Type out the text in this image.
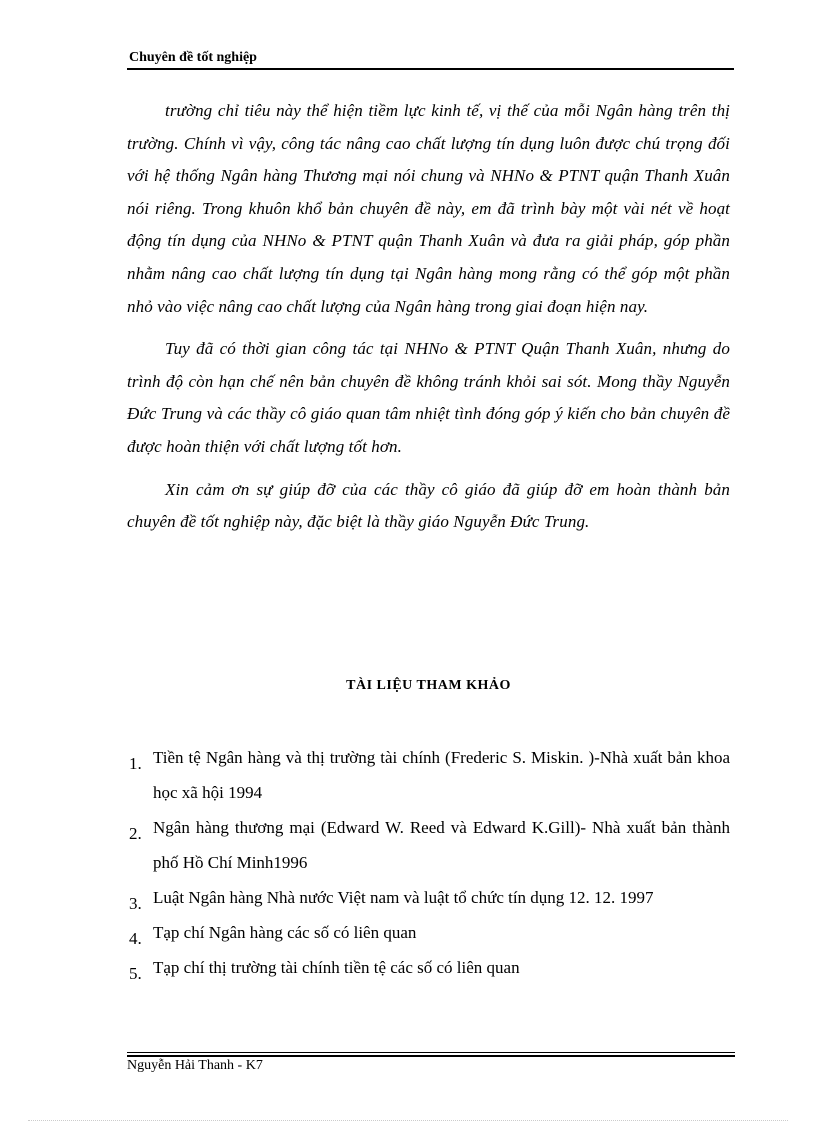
Chuyên đề tốt nghiệp

trường chỉ tiêu này thể hiện tiềm lực kinh tế, vị thế của mỗi Ngân hàng trên thị trường. Chính vì vậy, công tác nâng cao chất lượng tín dụng luôn được chú trọng đối với hệ thống Ngân hàng Thương mại nói chung và NHNo & PTNT quận Thanh Xuân nói riêng. Trong khuôn khổ bản chuyên đề này, em đã trình bày một vài nét về hoạt động tín dụng của NHNo & PTNT quận Thanh Xuân và đưa ra giải pháp, góp phần nhằm nâng cao chất lượng tín dụng tại Ngân hàng mong rằng có thể góp một phần nhỏ vào việc nâng cao chất lượng của Ngân hàng trong giai đoạn hiện nay.

Tuy đã có thời gian công tác tại NHNo & PTNT Quận Thanh Xuân, nhưng do trình độ còn hạn chế nên bản chuyên đề không tránh khỏi sai sót. Mong thầy Nguyễn Đức Trung và các thầy cô giáo quan tâm nhiệt tình đóng góp ý kiến cho bản chuyên đề được hoàn thiện với chất lượng tốt hơn.

Xin cảm ơn sự giúp đỡ của các thầy cô giáo đã giúp đỡ em hoàn thành bản chuyên đề tốt nghiệp này, đặc biệt là thầy giáo Nguyễn Đức Trung.

TÀI LIỆU THAM KHẢO
1. Tiền tệ Ngân hàng và thị trường tài chính (Frederic S. Miskin. )-Nhà xuất bản khoa học xã hội 1994
2. Ngân hàng thương mại (Edward W. Reed và Edward K.Gill)- Nhà xuất bản thành phố Hồ Chí Minh1996
3. Luật Ngân hàng Nhà nước Việt nam và luật tổ chức tín dụng 12. 12. 1997
4. Tạp chí Ngân hàng các số có liên quan
5. Tạp chí thị trường tài chính tiền tệ các số có liên quan
Nguyễn Hải Thanh - K7
